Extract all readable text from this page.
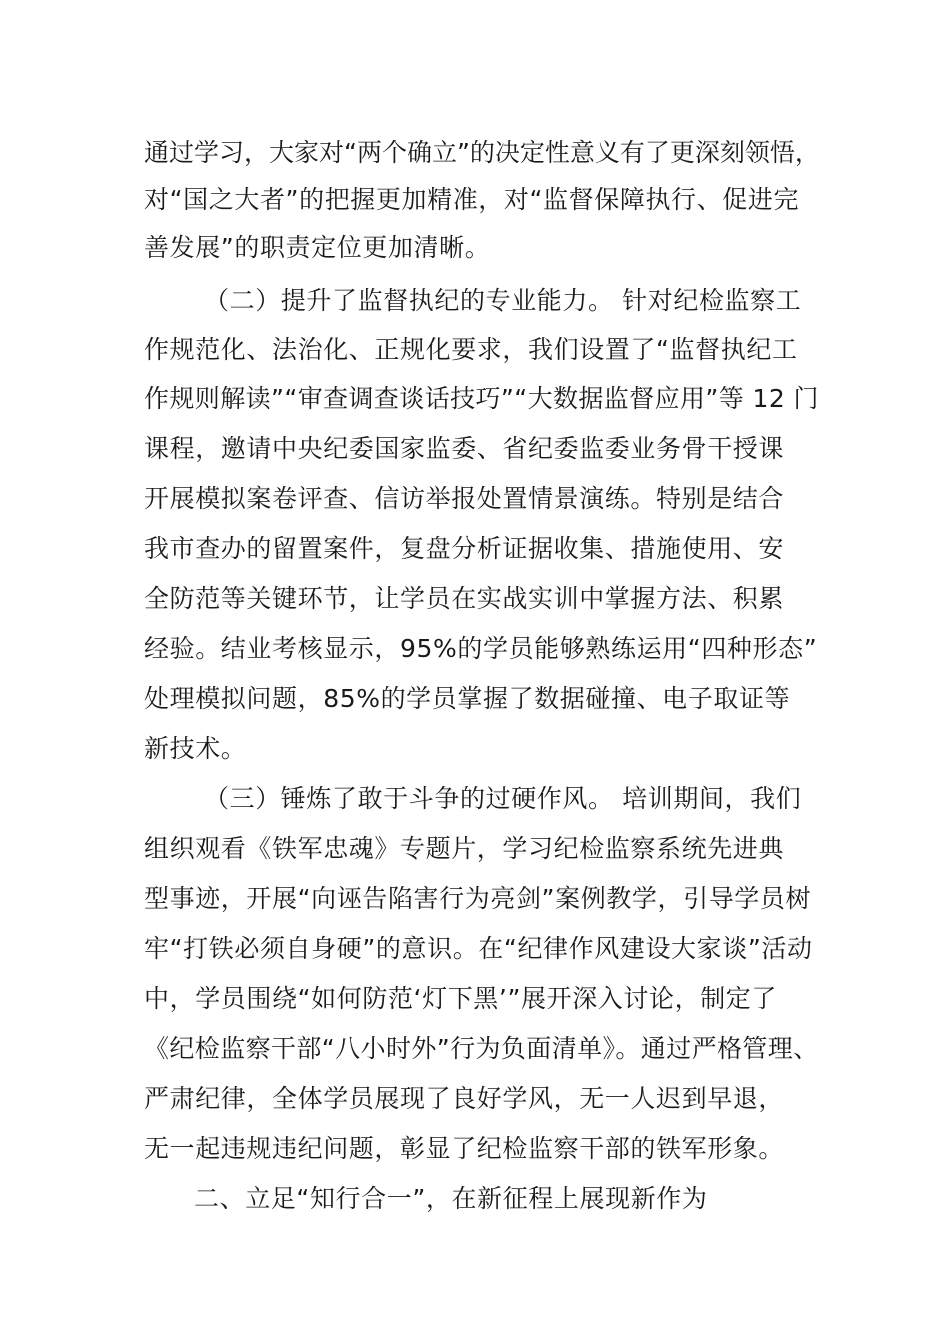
通过学习，大家对“两个确立”的决定性意义有了更深刻领悟，
对“国之大者”的把握更加精准，对“监督保障执行、促进完
善发展”的职责定位更加清晰。
（二）提升了监督执纪的专业能力。 针对纪检监察工
作规范化、法治化、正规化要求，我们设置了“监督执纪工
作规则解读”“审查调查谈话技巧”“大数据监督应用”等 12 门
课程，邀请中央纪委国家监委、省纪委监委业务骨干授课
开展模拟案卷评查、信访举报处置情景演练。特别是结合
我市查办的留置案件，复盘分析证据收集、措施使用、安
全防范等关键环节，让学员在实战实训中掌握方法、积累
经验。结业考核显示，95%的学员能够熟练运用“四种形态”
处理模拟问题，85%的学员掌握了数据碰撞、电子取证等
新技术。
（三）锤炼了敢于斗争的过硬作风。 培训期间，我们
组织观看《铁军忠魂》专题片，学习纪检监察系统先进典
型事迹，开展“向诬告陷害行为亮剑”案例教学，引导学员树
牢“打铁必须自身硬”的意识。在“纪律作风建设大家谈”活动
中，学员围绕“如何防范‘灯下黑’”展开深入讨论，制定了
《纪检监察干部“八小时外”行为负面清单》。通过严格管理、
严肃纪律，全体学员展现了良好学风，无一人迟到早退，
无一起违规违纪问题，彰显了纪检监察干部的铁军形象。
二、立足“知行合一”，在新征程上展现新作为
